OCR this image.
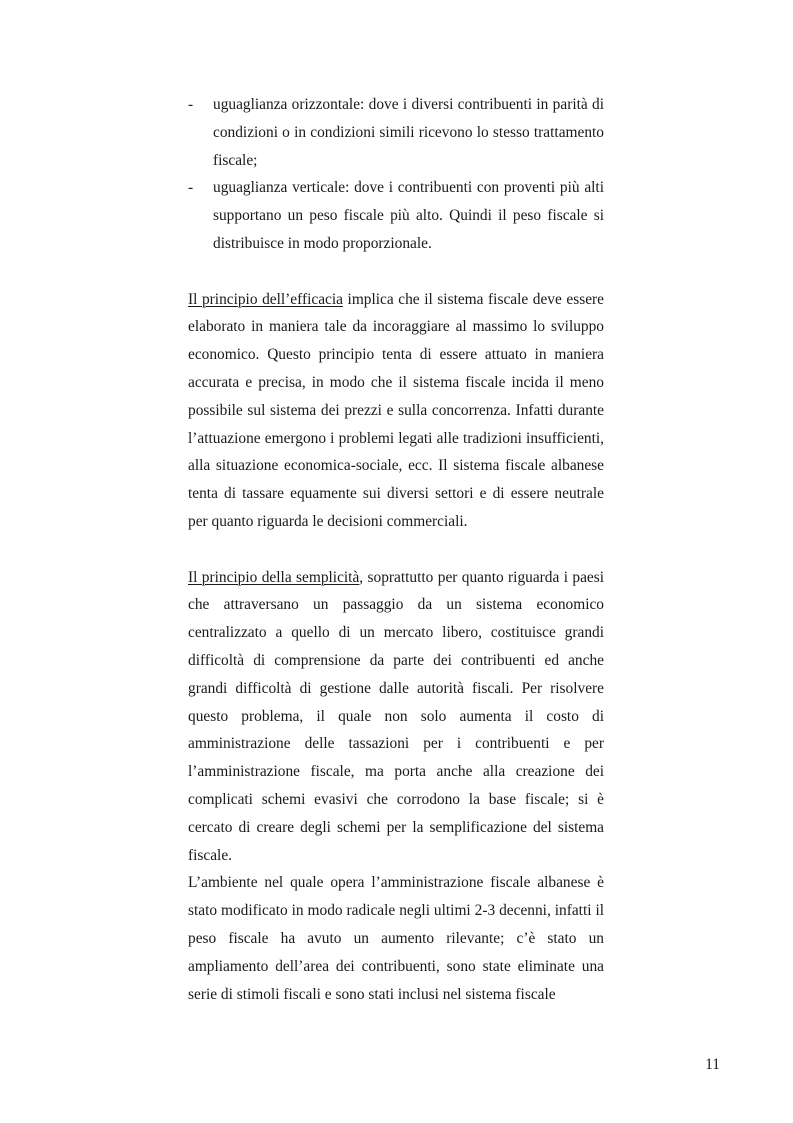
- uguaglianza orizzontale: dove i diversi contribuenti in parità di condizioni o in condizioni simili ricevono lo stesso trattamento fiscale;
- uguaglianza verticale: dove i contribuenti con proventi più alti supportano un peso fiscale più alto. Quindi il peso fiscale si distribuisce in modo proporzionale.

Il principio dell’efficacia implica che il sistema fiscale deve essere elaborato in maniera tale da incoraggiare al massimo lo sviluppo economico. Questo principio tenta di essere attuato in maniera accurata e precisa, in modo che il sistema fiscale incida il meno possibile sul sistema dei prezzi e sulla concorrenza. Infatti durante l’attuazione emergono i problemi legati alle tradizioni insufficienti, alla situazione economica-sociale, ecc. Il sistema fiscale albanese tenta di tassare equamente sui diversi settori e di essere neutrale per quanto riguarda le decisioni commerciali.

Il principio della semplicità, soprattutto per quanto riguarda i paesi che attraversano un passaggio da un sistema economico centralizzato a quello di un mercato libero, costituisce grandi difficoltà di comprensione da parte dei contribuenti ed anche grandi difficoltà di gestione dalle autorità fiscali. Per risolvere questo problema, il quale non solo aumenta il costo di amministrazione delle tassazioni per i contribuenti e per l’amministrazione fiscale, ma porta anche alla creazione dei complicati schemi evasivi che corrodono la base fiscale; si è cercato di creare degli schemi per la semplificazione del sistema fiscale.

L’ambiente nel quale opera l’amministrazione fiscale albanese è stato modificato in modo radicale negli ultimi 2-3 decenni, infatti il peso fiscale ha avuto un aumento rilevante; c’è stato un ampliamento dell’area dei contribuenti, sono state eliminate una serie di stimoli fiscali e sono stati inclusi nel sistema fiscale

11
